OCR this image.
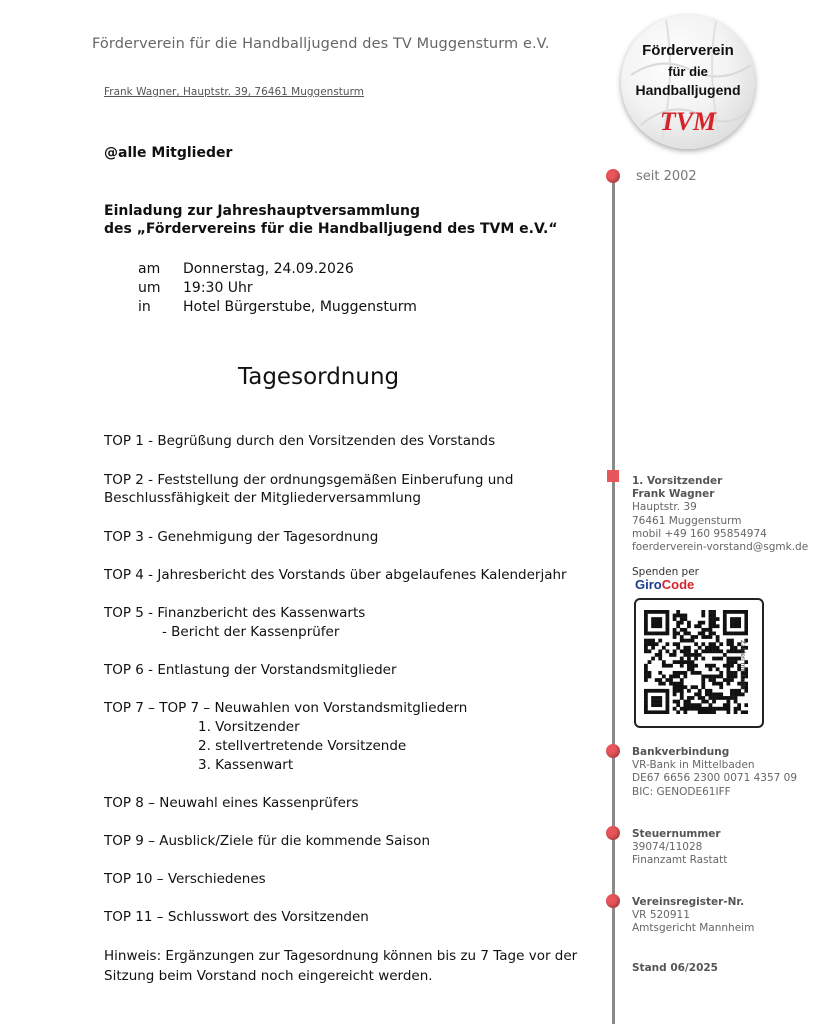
Förderverein für die Handballjugend des TV Muggensturm e.V.
Frank Wagner, Hauptstr. 39, 76461 Muggensturm
Förderverein
für die
Handballjugend
TVM
@alle Mitglieder
Einladung zur Jahreshauptversammlung
des „Fördervereins für die Handballjugend des TVM e.V.“
am Donnerstag, 24.09.2026
um 19:30 Uhr
in Hotel Bürgerstube, Muggensturm
Tagesordnung
TOP 1 - Begrüßung durch den Vorsitzenden des Vorstands
TOP 2 - Feststellung der ordnungsgemäßen Einberufung und
Beschlussfähigkeit der Mitgliederversammlung
TOP 3 - Genehmigung der Tagesordnung
TOP 4 - Jahresbericht des Vorstands über abgelaufenes Kalenderjahr
TOP 5 - Finanzbericht des Kassenwarts
- Bericht der Kassenprüfer
TOP 6 - Entlastung der Vorstandsmitglieder
TOP 7 – TOP 7 – Neuwahlen von Vorstandsmitgliedern
1. Vorsitzender
2. stellvertretende Vorsitzende
3. Kassenwart
TOP 8 – Neuwahl eines Kassenprüfers
TOP 9 – Ausblick/Ziele für die kommende Saison
TOP 10 – Verschiedenes
TOP 11 – Schlusswort des Vorsitzenden
Hinweis: Ergänzungen zur Tagesordnung können bis zu 7 Tage vor der
Sitzung beim Vorstand noch eingereicht werden.
seit 2002
1. Vorsitzender
Frank Wagner
Hauptstr. 39
76461 Muggensturm
mobil +49 160 95854974
foerderverein-vorstand@sgmk.de
Spenden per
GiroCode
Zahlen mit Code
Bankverbindung
VR-Bank in Mittelbaden
DE67 6656 2300 0071 4357 09
BIC: GENODE61IFF
Steuernummer
39074/11028
Finanzamt Rastatt
Vereinsregister-Nr.
VR 520911
Amtsgericht Mannheim
Stand 06/2025
